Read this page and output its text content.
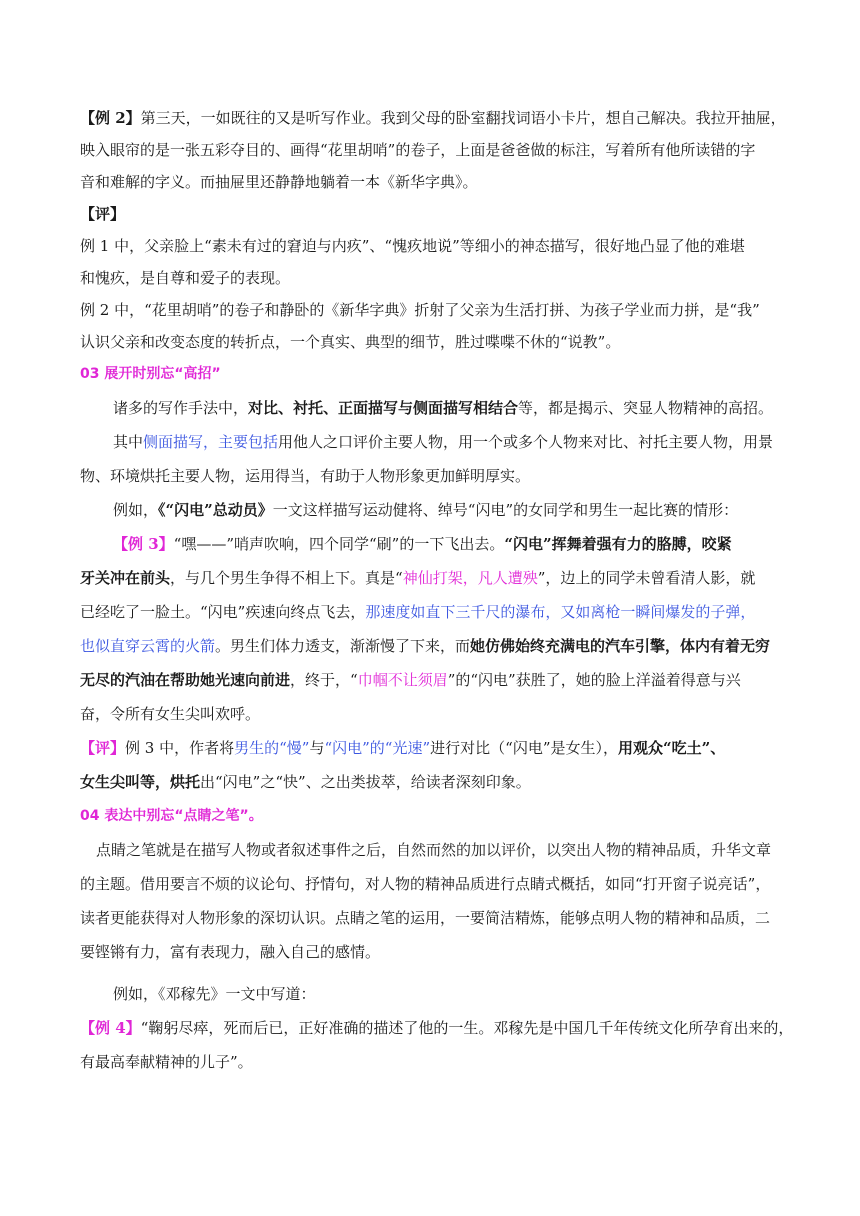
【例 2】第三天，一如既往的又是听写作业。我到父母的卧室翻找词语小卡片，想自己解决。我拉开抽屉，
映入眼帘的是一张五彩夺目的、画得“花里胡哨”的卷子，上面是爸爸做的标注，写着所有他所读错的字
音和难解的字义。而抽屉里还静静地躺着一本《新华字典》。
【评】
例 1 中，父亲脸上“素未有过的窘迫与内疚”、“愧疚地说”等细小的神态描写，很好地凸显了他的难堪
和愧疚，是自尊和爱子的表现。
例 2 中，“花里胡哨”的卷子和静卧的《新华字典》折射了父亲为生活打拼、为孩子学业而力拼，是“我”
认识父亲和改变态度的转折点，一个真实、典型的细节，胜过喋喋不休的“说教”。
03 展开时别忘“高招”
诸多的写作手法中，对比、衬托、正面描写与侧面描写相结合等，都是揭示、突显人物精神的高招。
其中侧面描写，主要包括用他人之口评价主要人物，用一个或多个人物来对比、衬托主要人物，用景
物、环境烘托主要人物，运用得当，有助于人物形象更加鲜明厚实。
例如，《“闪电”总动员》一文这样描写运动健将、绰号“闪电”的女同学和男生一起比赛的情形：
【例 3】“嘿——”哨声吹响，四个同学“刷”的一下飞出去。“闪电”挥舞着强有力的胳膊，咬紧
牙关冲在前头，与几个男生争得不相上下。真是“神仙打架，凡人遭殃”，边上的同学未曾看清人影，就
已经吃了一脸土。“闪电”疾速向终点飞去，那速度如直下三千尺的瀑布，又如离枪一瞬间爆发的子弹，
也似直穿云霄的火箭。男生们体力透支，渐渐慢了下来，而她仿佛始终充满电的汽车引擎，体内有着无穷
无尽的汽油在帮助她光速向前进，终于，“巾帼不让须眉”的“闪电”获胜了，她的脸上洋溢着得意与兴
奋，令所有女生尖叫欢呼。
【评】例 3 中，作者将男生的“慢”与“闪电”的“光速”进行对比（“闪电”是女生），用观众“吃土”、
女生尖叫等，烘托出“闪电”之“快”、之出类拔萃，给读者深刻印象。
04 表达中别忘“点睛之笔”。
点睛之笔就是在描写人物或者叙述事件之后，自然而然的加以评价，以突出人物的精神品质，升华文章
的主题。借用要言不烦的议论句、抒情句，对人物的精神品质进行点睛式概括，如同“打开窗子说亮话”，
读者更能获得对人物形象的深切认识。点睛之笔的运用，一要简洁精炼，能够点明人物的精神和品质，二
要铿锵有力，富有表现力，融入自己的感情。
例如，《邓稼先》一文中写道：
【例 4】“鞠躬尽瘁，死而后已，正好准确的描述了他的一生。邓稼先是中国几千年传统文化所孕育出来的，
有最高奉献精神的儿子”。
